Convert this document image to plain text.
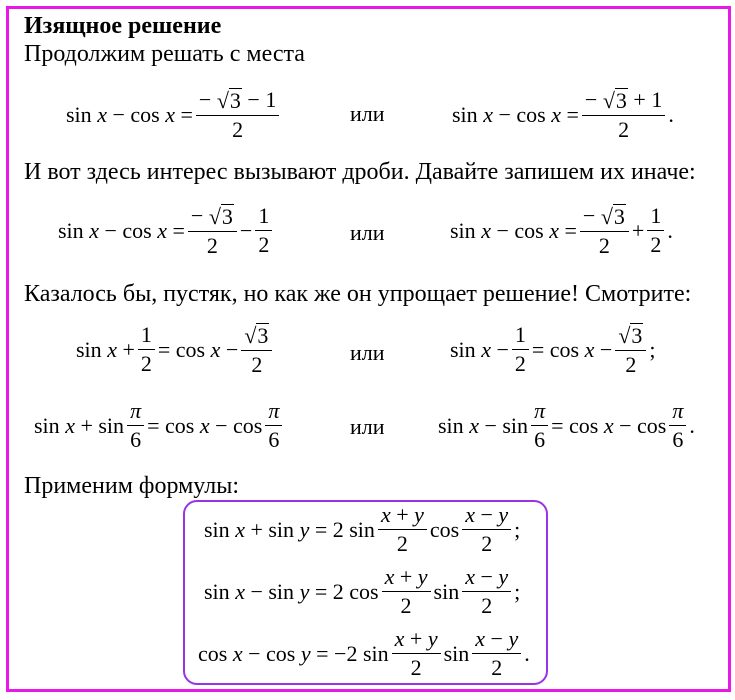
Изящное решение
Продолжим решать с места
sin
x
−
cos
x
= −
√ 3
−
1
2	или	sin
x
−
cos
x
= −
√ 3
+
1
2 .
И вот здесь интерес вызывают дроби. Давайте запишем их иначе:
sin
x
−
cos
x
= −
√ 3
$2 - \frac{1}{2}$	или	sin
x
−
cos
x
= −
√ 3
$2 + \frac{1}{2}$ .
Казалось бы, пустяк, но как же он упрощает решение! Смотрите:
sin
x
+ $\frac{1}{2}$ =
cos
x
− $\frac{√ 3}{2}$	или	sin
x
− $\frac{1}{2}$ =
cos
x
− $\frac{√ 3}{2}$ ;
sin
x
+
$\sin \frac{\pi}{6}$ =
cos
x
−
$\cos \frac{\pi}{6}$	или sin
x
−
$\sin \frac{\pi}{6}$ =
cos
x
−
$\cos \frac{\pi}{6}$ .
Применим формулы:
sin
x
+
sin
y
=
2
sin x
+
y
2 cos x
−
y
2 ;
sin
x
−
sin
y
=
2
cos x
+
y
2 sin x
−
y
2 ;
cos
x
−
cos
y
=
−2
sin x
+
y
2 sin x
−
y
2 .
